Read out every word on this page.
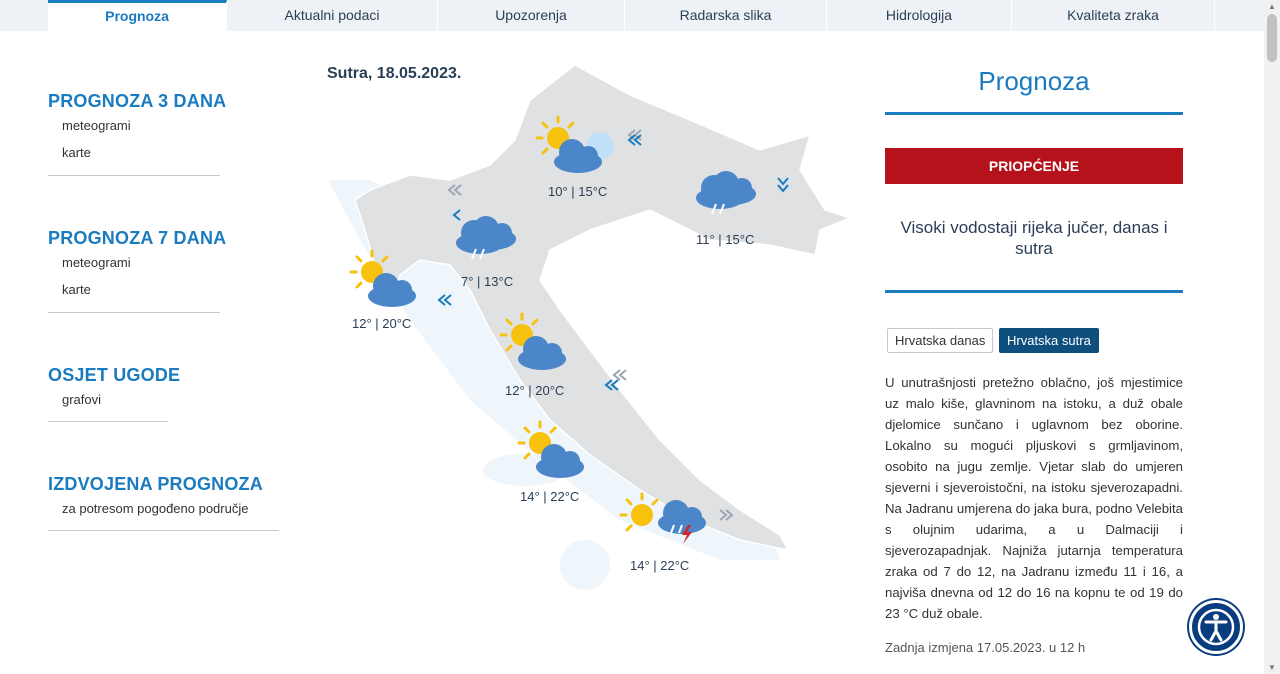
Prognoza	Aktualni podaci	Upozorenja	Radarska slika	Hidrologija	Kvaliteta zraka
▲
▼
PROGNOZA 3 DANA
meteogrami
karte
PROGNOZA 7 DANA
meteogrami
karte
OSJET UGODE
grafovi
IZDVOJENA PROGNOZA
za potresom pogođeno područje
Sutra, 18.05.2023.
10° | 15°C
11° | 15°C
7° | 13°C
12° | 20°C
12° | 20°C
14° | 22°C
14° | 22°C
Prognoza
PRIOPĆENJE
Visoki vodostaji rijeka jučer, danas i sutra
Hrvatska danas	Hrvatska sutra

U unutrašnjosti pretežno oblačno, još mjestimice uz malo kiše, glavninom na istoku, a duž obale djelomice sunčano i uglavnom bez oborine. Lokalno su mogući pljuskovi s grmljavinom, osobito na jugu zemlje. Vjetar slab do umjeren sjeverni i sjeveroistočni, na istoku sjeverozapadni. Na Jadranu umjerena do jaka bura, podno Velebita s olujnim udarima, a u Dalmaciji i sjeverozapadnjak. Najniža jutarnja temperatura zraka od 7 do 12, na Jadranu između 11 i 16, a najviša dnevna od 12 do 16 na kopnu te od 19 do 23 °C duž obale.

Zadnja izmjena 17.05.2023. u 12 h
